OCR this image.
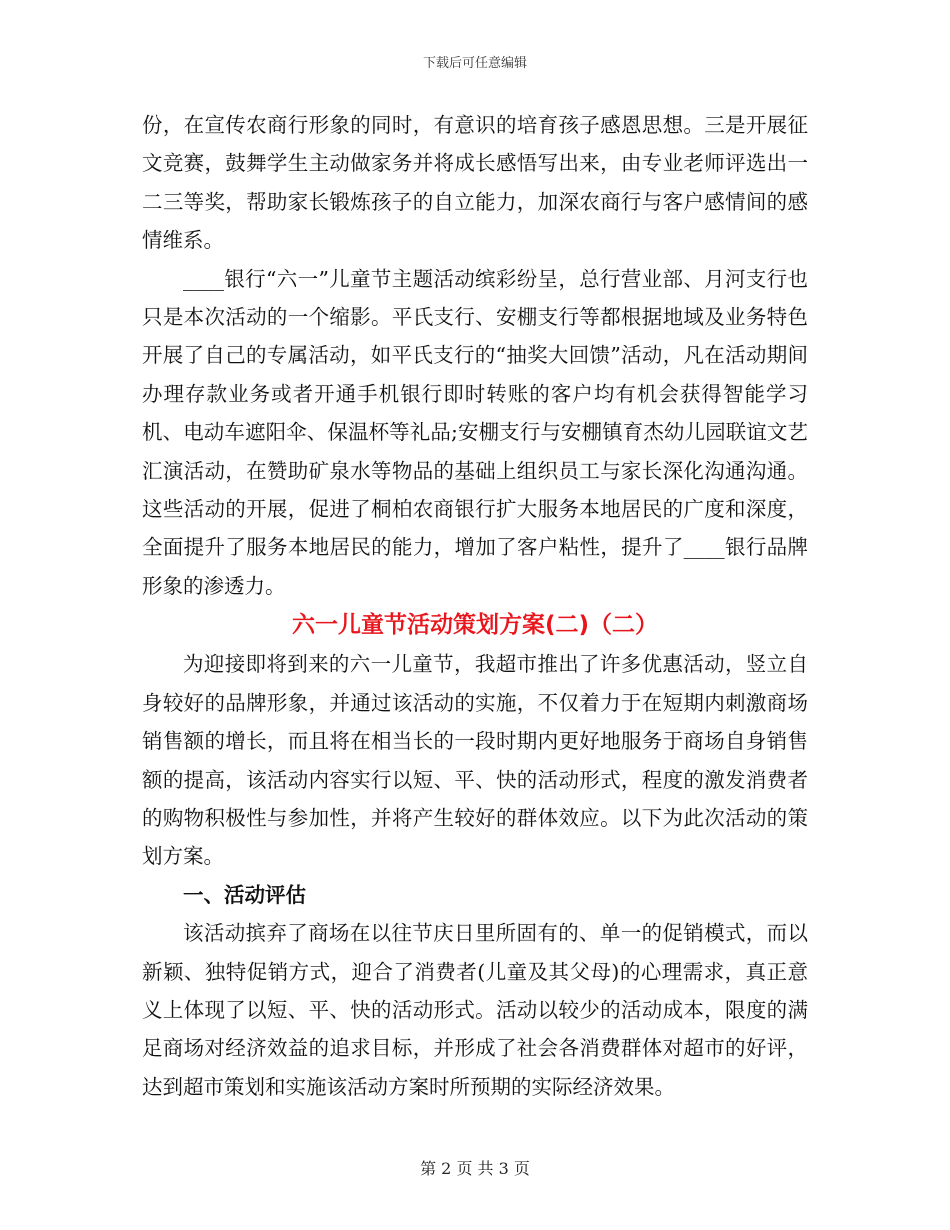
下载后可任意编辑

份，在宣传农商行形象的同时，有意识的培育孩子感恩思想。三是开展征文竞赛，鼓舞学生主动做家务并将成长感悟写出来，由专业老师评选出一二三等奖，帮助家长锻炼孩子的自立能力，加深农商行与客户感情间的感情维系。

____银行“六一”儿童节主题活动缤彩纷呈，总行营业部、月河支行也只是本次活动的一个缩影。平氏支行、安棚支行等都根据地域及业务特色开展了自己的专属活动，如平氏支行的“抽奖大回馈”活动，凡在活动期间办理存款业务或者开通手机银行即时转账的客户均有机会获得智能学习机、电动车遮阳伞、保温杯等礼品;安棚支行与安棚镇育杰幼儿园联谊文艺汇演活动，在赞助矿泉水等物品的基础上组织员工与家长深化沟通沟通。这些活动的开展，促进了桐柏农商银行扩大服务本地居民的广度和深度，全面提升了服务本地居民的能力，增加了客户粘性，提升了____银行品牌形象的渗透力。

六一儿童节活动策划方案(二)（二）

为迎接即将到来的六一儿童节，我超市推出了许多优惠活动，竖立自身较好的品牌形象，并通过该活动的实施，不仅着力于在短期内刺激商场销售额的增长，而且将在相当长的一段时期内更好地服务于商场自身销售额的提高，该活动内容实行以短、平、快的活动形式，程度的激发消费者的购物积极性与参加性，并将产生较好的群体效应。以下为此次活动的策划方案。

一、活动评估

该活动摈弃了商场在以往节庆日里所固有的、单一的促销模式，而以新颖、独特促销方式，迎合了消费者(儿童及其父母)的心理需求，真正意义上体现了以短、平、快的活动形式。活动以较少的活动成本，限度的满足商场对经济效益的追求目标，并形成了社会各消费群体对超市的好评，达到超市策划和实施该活动方案时所预期的实际经济效果。

第 2 页 共 3 页
